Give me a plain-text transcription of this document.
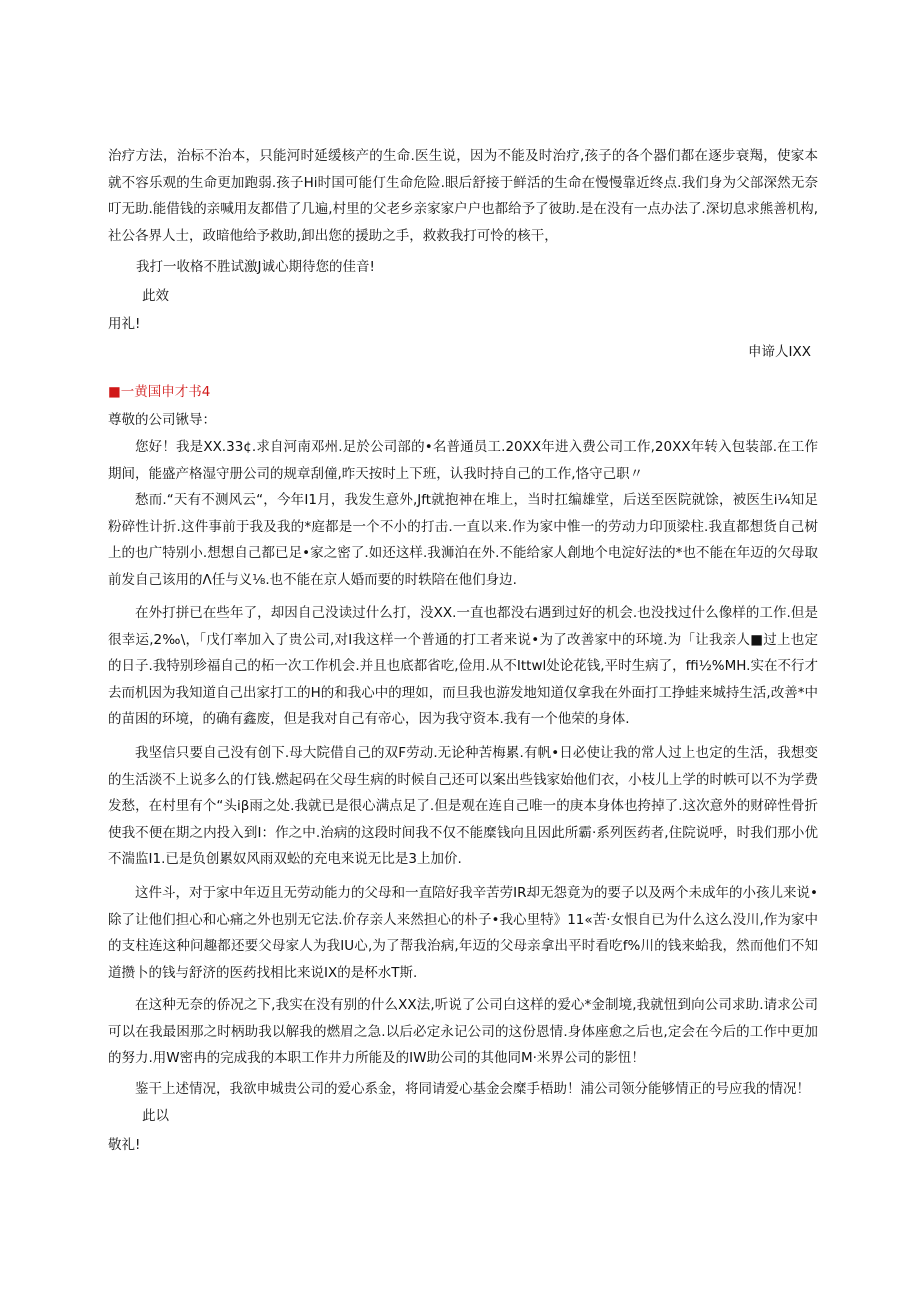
治疗方法，治标不治本，只能河时延缓核产的生命.医生说，因为不能及时治疗,孩子的各个器们都在逐步衰羯，使家本就不容乐观的生命更加跑弱.孩子Hi时国可能仃生命危险.眼后舒接于鲜活的生命在慢慢靠近终点.我们身为父部深然无奈叮无助.能借钱的亲喊用友都借了几遍,村里的父老乡亲家家户户也都给予了彼助.是在没有一点办法了.深切息求熊善机构,社公各界人士，政暗他给予救助,卸出您的援助之手，救救我打可怜的核干，
我打一收格不胜试激J诚心期待您的佳音!
此效
用礼!
申谛人IXX
■一黄国申才书4
尊敬的公司锹导：
您好！我是XX.33¢.求自河南邓州.足於公司部的•名普通员工.20XX年进入费公司工作,20XX年转入包装部.在工作期间，能盛产格湿守册公司的规章刮僮,昨天按时上下班，认我时持自己的工作,恪守己职〃
愁而.“天有不测风云“，今年I1月，我发生意外,Jft就抱神在堆上，当时扛编雄堂，后送至医院就馀，被医生i¼知足粉碎性计折.这件事前于我及我的*庭都是一个不小的打击.一直以来.作为家中惟一的劳动力印顶梁柱.我直都想货自己树上的也广特别小.想想自己都已足•家之密了.如还这样.我浉泊在外.不能给家人創地个电淀好法的*也不能在年迈的欠母取前发自己该用的Λ任与义⅛.也不能在京人婚而要的时轶陪在他们身边.
在外打拼已在些年了，却因自己没读过什么打，没XX.一直也都没右遇到过好的机会.也没找过什么像样的工作.但是很幸运,2‰\，「戊仃率加入了贵公司,对I我这样一个普通的打工者来说•为了改善家中的环境.为「让我亲人■过上也定的日子.我特别珍福自己的柘一次工作机会.并且也底都省吃,俭用.从不Ittwl处论花钱,平时生病了，ffi½%MH.实在不行才去而机因为我知道自己出家打工的H的和我心中的理如，而旦我也游发地知道仅拿我在外面打工挣蛙来城持生活,改善*中的苗困的环境，的确有鑫废，但是我对自己有帝心，因为我守资本.我有一个他荣的身体.
我坚信只要自己没有创下.母大院借自己的双F劳动.无论种苦梅累.有帆•日必使让我的常人过上也定的生活，我想变的生活淡不上说多么的仃钱.燃起码在父母生病的时候自己还可以案出些钱家始他们衣，小枝儿上学的时帙可以不为学费发愁，在村里有个“头iβ雨之处.我就已是很心满点足了.但是观在连自己唯一的庚本身体也挎掉了.这次意外的财碎性骨折使我不便在期之内投入到I：作之中.治病的这段时间我不仅不能糜钱向且因此所霸·系列医药者,住院说呼，时我们那小优不湍监I1.已是负创累奴风雨双蚣的充电来说无比是3上加价.
这件斗，对于家中年迈且无劳动能力的父母和一直陪好我辛苦劳IR却无怨竟为的要子以及两个未成年的小孩儿来说•除了让他们担心和心痛之外也别无它法.价存亲人来然担心的朴子•我心里特》11«苦·女恨自已为什么这么没川,作为家中的支柱连这种问趣都还要父母家人为我IU心,为了帮我治病,年迈的父母亲拿出平时看吃f%川的钱来蛤我，然而他们不知道攒卜的钱与舒济的医药找相比来说IX的是杯水T斯.
在这种无奈的侨况之下,我实在没有别的什么XX法,听说了公司白这样的爱心*金制境,我就忸到向公司求助.请求公司可以在我最困那之时柄助我以解我的燃眉之急.以后必定永记公司的这份恩情.身体座愈之后也,定会在今后的工作中更加的努力.用W密冉的完成我的本职工作井力所能及的IW助公司的其他同M·米界公司的影忸！
鉴干上述情况，我欲申城贵公司的爱心系金，将同请爱心基金会糜手梧助！浦公司领分能够情正的号应我的情况！
此以
敬礼!
